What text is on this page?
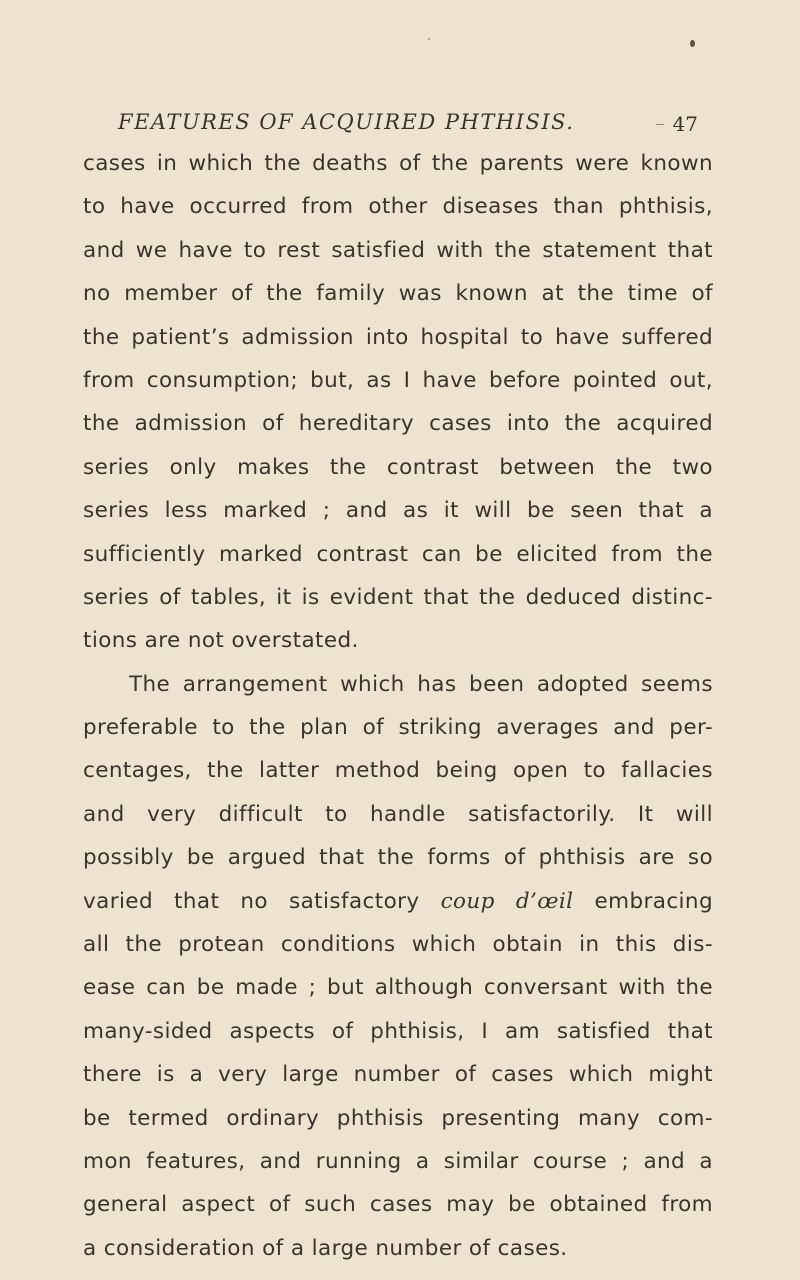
FEATURES OF ACQUIRED PHTHISIS.	47
cases in which the deaths of the parents were known
to have occurred from other diseases than phthisis,
and we have to rest satisfied with the statement that
no member of the family was known at the time of
the patient’s admission into hospital to have suffered
from consumption; but, as I have before pointed out,
the admission of hereditary cases into the acquired
series only makes the contrast between the two
series less marked ; and as it will be seen that a
sufficiently marked contrast can be elicited from the
series of tables, it is evident that the deduced distinc-
tions are not overstated.
The arrangement which has been adopted seems
preferable to the plan of striking averages and per-
centages, the latter method being open to fallacies
and very difficult to handle satisfactorily. It will
possibly be argued that the forms of phthisis are so
varied that no satisfactory coup d’œil embracing
all the protean conditions which obtain in this dis-
ease can be made ; but although conversant with the
many-sided aspects of phthisis, I am satisfied that
there is a very large number of cases which might
be termed ordinary phthisis presenting many com-
mon features, and running a similar course ; and a
general aspect of such cases may be obtained from
a consideration of a large number of cases.
